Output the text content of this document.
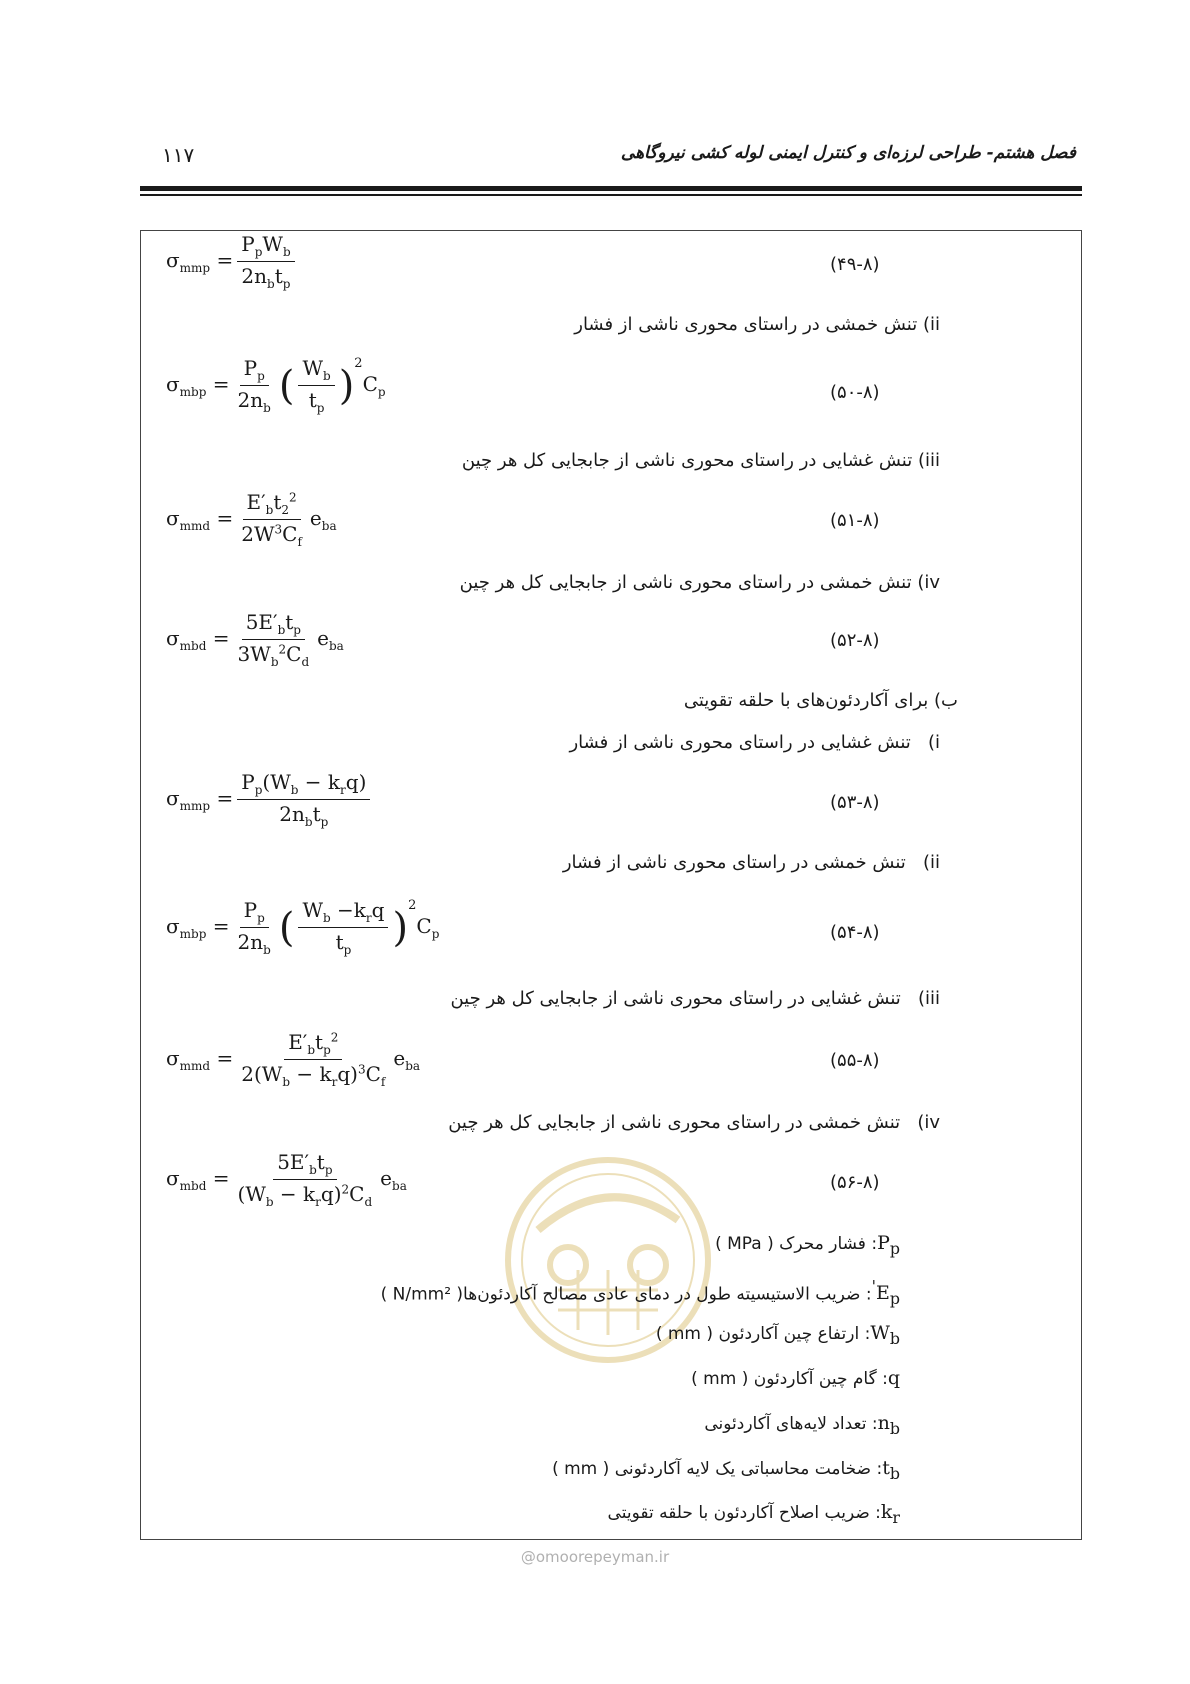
فصل هشتم- طراحی لرزه‌ای و کنترل ایمنی لوله کشی نیروگاهی
۱۱۷
@omoorepeyman.ir
$\sigma_{mmp} = \frac{P_pW_b}{2n_bt_p}$	(۴۹-۸)
ii) تنش خمشی در راستای محوری ناشی از فشار
$\sigma_{mbp} = \frac{P_p}{2n_b}$ ( $\frac{W_b}{t_p}$ ) 2
$C_p$	(۵۰-۸)
iii) تنش غشایی در راستای محوری ناشی از جابجایی کل هر چین
$\sigma_{mmd} = \frac{E'_bt_2^2}{2W^3C_f} e_{ba}$	(۵۱-۸)
iv) تنش خمشی در راستای محوری ناشی از جابجایی کل هر چین
$\sigma_{mbd} = \frac{5E'_bt_p}{3W_b^2C_d} e_{ba}$	(۵۲-۸)
ب) برای آکاردئون‌های با حلقه تقویتی
i)   تنش غشایی در راستای محوری ناشی از فشار
$\sigma_{mmp} = \frac{P_p(W_b - k_rq)}{2n_bt_p}$	(۵۳-۸)
ii)   تنش خمشی در راستای محوری ناشی از فشار
$\sigma_{mbp} = \frac{P_p}{2n_b}$ ( $\frac{W_b -k_rq}{t_p}$ ) 2
$C_p$	(۵۴-۸)
iii)   تنش غشایی در راستای محوری ناشی از جابجایی کل هر چین
$\sigma_{mmd} = \frac{E'_bt_p^2}{2(W_b - k_rq)^3C_f} e_{ba}$	(۵۵-۸)
iv)   تنش خمشی در راستای محوری ناشی از جابجایی کل هر چین
$\sigma_{mbd} = \frac{5E'_bt_p}{(W_b - k_rq)^2C_d} e_{ba}$	(۵۶-۸)
$P_p$: فشار محرک ( MPa )
$E_p'$: ضریب الاستیسیته طول در دمای عادی مصالح آکاردئون‌ها( N/mm² )
$W_b$: ارتفاع چین آکاردئون ( mm )
q: گام چین آکاردئون ( mm )
$n_b$: تعداد لایه‌های آکاردئونی
$t_b$: ضخامت محاسباتی یک لایه آکاردئونی ( mm )
$k_r$: ضریب اصلاح آکاردئون با حلقه تقویتی
